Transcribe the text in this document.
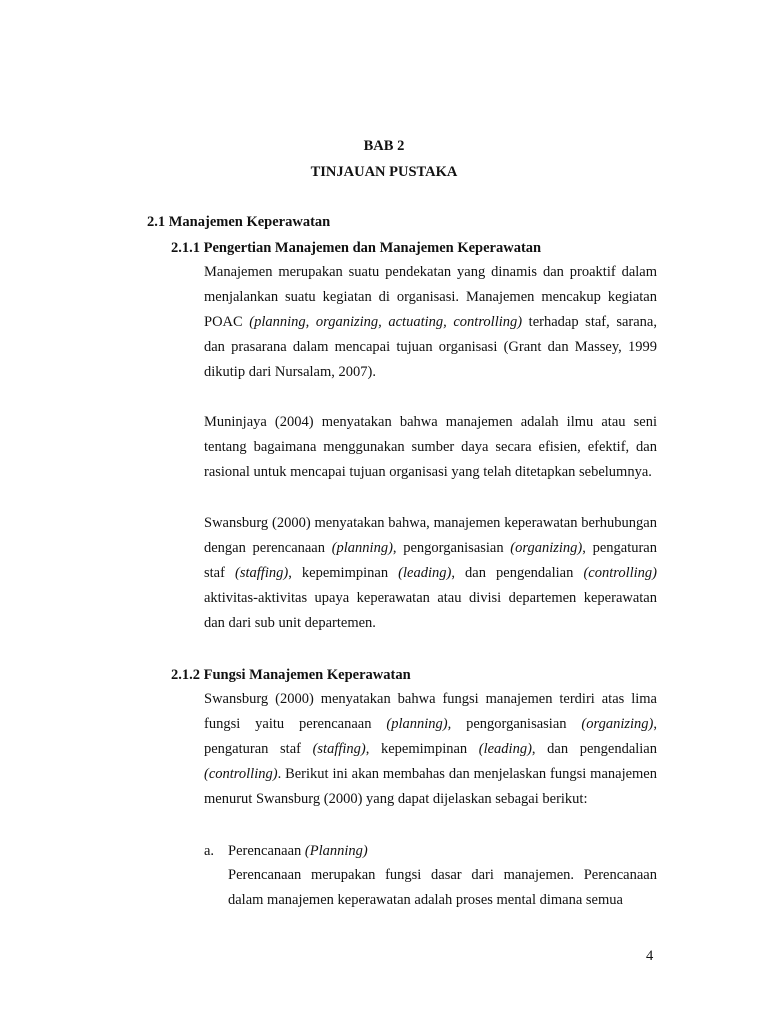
BAB 2
TINJAUAN PUSTAKA
2.1 Manajemen Keperawatan
2.1.1 Pengertian Manajemen dan Manajemen Keperawatan

Manajemen merupakan suatu pendekatan yang dinamis dan proaktif dalam menjalankan suatu kegiatan di organisasi. Manajemen mencakup kegiatan POAC (planning, organizing, actuating, controlling) terhadap staf, sarana, dan prasarana dalam mencapai tujuan organisasi (Grant dan Massey, 1999 dikutip dari Nursalam, 2007).

Muninjaya (2004) menyatakan bahwa manajemen adalah ilmu atau seni tentang bagaimana menggunakan sumber daya secara efisien, efektif, dan rasional untuk mencapai tujuan organisasi yang telah ditetapkan sebelumnya.

Swansburg (2000) menyatakan bahwa, manajemen keperawatan berhubungan dengan perencanaan (planning), pengorganisasian (organizing), pengaturan staf (staffing), kepemimpinan (leading), dan pengendalian (controlling) aktivitas-aktivitas upaya keperawatan atau divisi departemen keperawatan dan dari sub unit departemen.

2.1.2 Fungsi Manajemen Keperawatan

Swansburg (2000) menyatakan bahwa fungsi manajemen terdiri atas lima fungsi yaitu perencanaan (planning), pengorganisasian (organizing), pengaturan staf (staffing), kepemimpinan (leading), dan pengendalian (controlling). Berikut ini akan membahas dan menjelaskan fungsi manajemen menurut Swansburg (2000) yang dapat dijelaskan sebagai berikut:

a. Perencanaan (Planning)

Perencanaan merupakan fungsi dasar dari manajemen. Perencanaan dalam manajemen keperawatan adalah proses mental dimana semua

4
